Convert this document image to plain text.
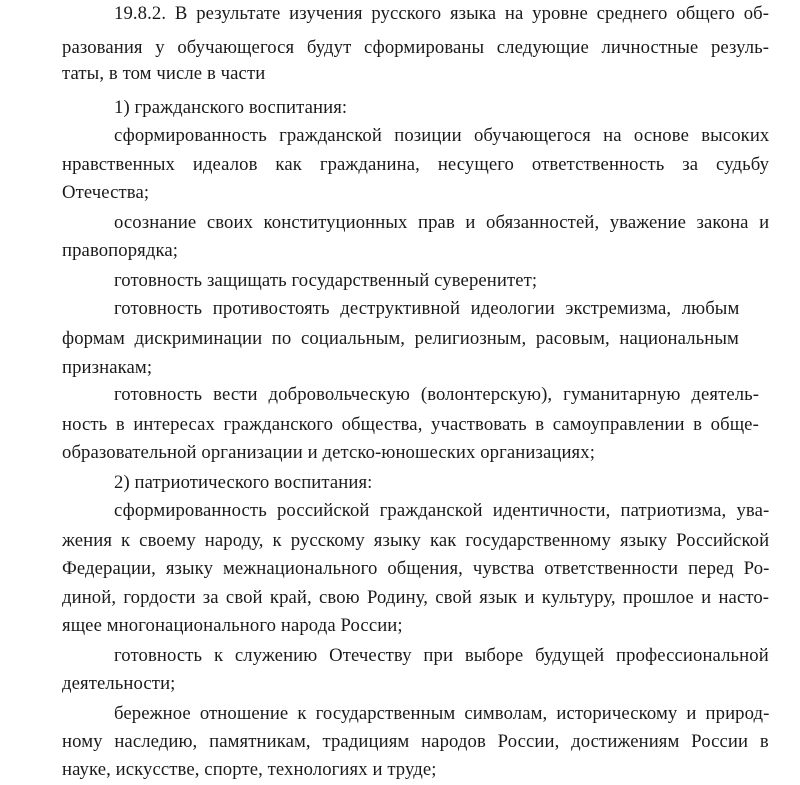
19.8.2. В результате изучения русского языка на уровне среднего общего об-
разования у обучающегося будут сформированы следующие личностные резуль-
таты, в том числе в части
1) гражданского воспитания:
сформированность гражданской позиции обучающегося на основе высоких
нравственных идеалов как гражданина, несущего ответственность за судьбу
Отечества;
осознание своих конституционных прав и обязанностей, уважение закона и
правопорядка;
готовность защищать государственный суверенитет;
готовность противостоять деструктивной идеологии экстремизма, любым
формам дискриминации по социальным, религиозным, расовым, национальным
признакам;
готовность вести добровольческую (волонтерскую), гуманитарную деятель-
ность в интересах гражданского общества, участвовать в самоуправлении в обще-
образовательной организации и детско-юношеских организациях;
2) патриотического воспитания:
сформированность российской гражданской идентичности, патриотизма, ува-
жения к своему народу, к русскому языку как государственному языку Российской
Федерации, языку межнационального общения, чувства ответственности перед Ро-
диной, гордости за свой край, свою Родину, свой язык и культуру, прошлое и насто-
ящее многонационального народа России;
готовность к служению Отечеству при выборе будущей профессиональной
деятельности;
бережное отношение к государственным символам, историческому и природ-
ному наследию, памятникам, традициям народов России, достижениям России в
науке, искусстве, спорте, технологиях и труде;
